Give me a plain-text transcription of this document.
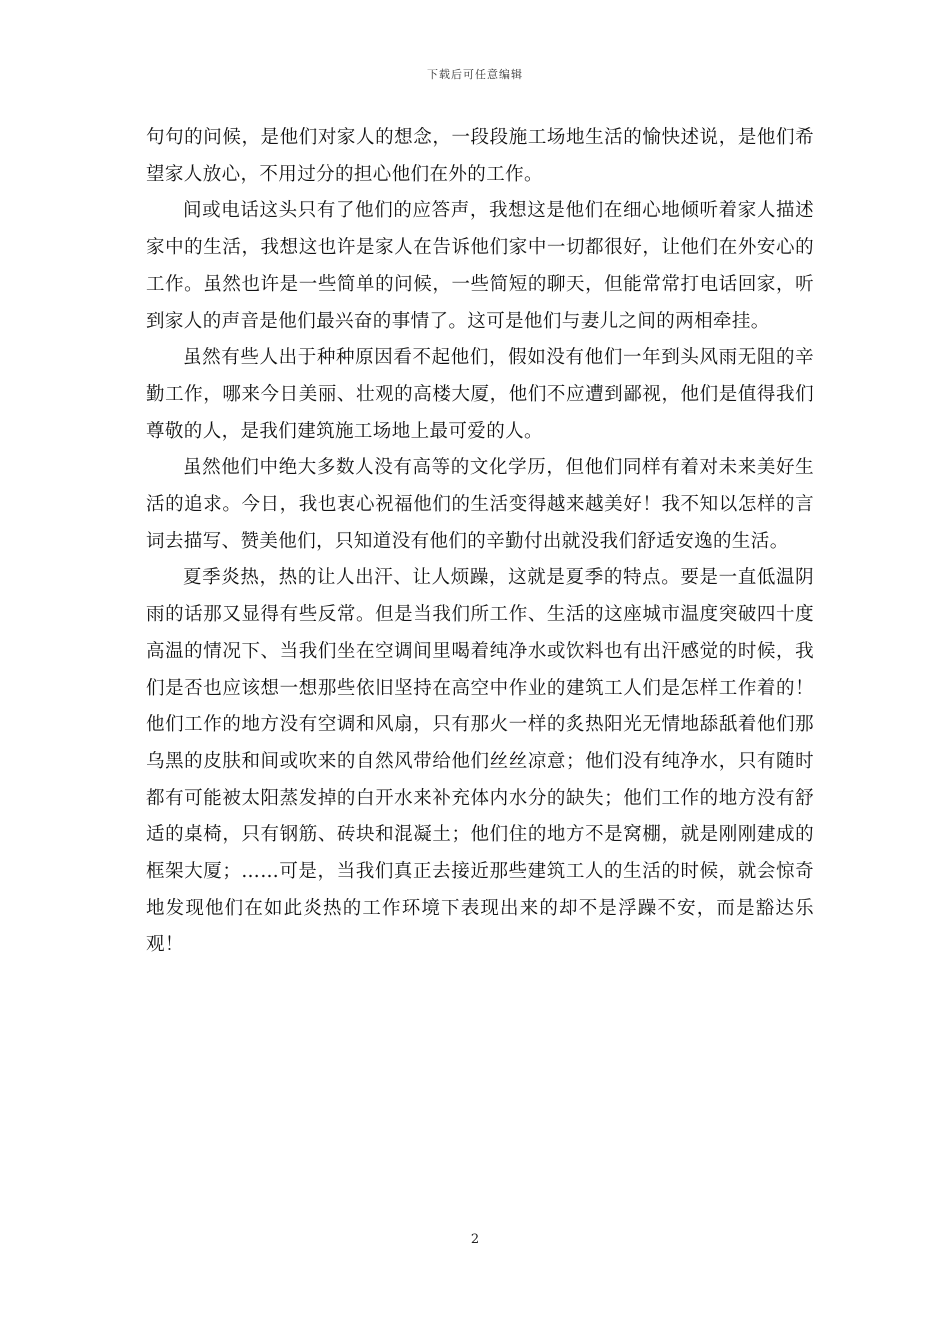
下载后可任意编辑

句句的问候，是他们对家人的想念，一段段施工场地生活的愉快述说，是他们希望家人放心，不用过分的担心他们在外的工作。

间或电话这头只有了他们的应答声，我想这是他们在细心地倾听着家人描述家中的生活，我想这也许是家人在告诉他们家中一切都很好，让他们在外安心的工作。虽然也许是一些简单的问候，一些简短的聊天，但能常常打电话回家，听到家人的声音是他们最兴奋的事情了。这可是他们与妻儿之间的两相牵挂。

虽然有些人出于种种原因看不起他们，假如没有他们一年到头风雨无阻的辛勤工作，哪来今日美丽、壮观的高楼大厦，他们不应遭到鄙视，他们是值得我们尊敬的人，是我们建筑施工场地上最可爱的人。

虽然他们中绝大多数人没有高等的文化学历，但他们同样有着对未来美好生活的追求。今日，我也衷心祝福他们的生活变得越来越美好！我不知以怎样的言词去描写、赞美他们，只知道没有他们的辛勤付出就没我们舒适安逸的生活。

夏季炎热，热的让人出汗、让人烦躁，这就是夏季的特点。要是一直低温阴雨的话那又显得有些反常。但是当我们所工作、生活的这座城市温度突破四十度高温的情况下、当我们坐在空调间里喝着纯净水或饮料也有出汗感觉的时候，我们是否也应该想一想那些依旧坚持在高空中作业的建筑工人们是怎样工作着的！他们工作的地方没有空调和风扇，只有那火一样的炙热阳光无情地舔舐着他们那乌黑的皮肤和间或吹来的自然风带给他们丝丝凉意；他们没有纯净水，只有随时都有可能被太阳蒸发掉的白开水来补充体内水分的缺失；他们工作的地方没有舒适的桌椅，只有钢筋、砖块和混凝土；他们住的地方不是窝棚，就是刚刚建成的框架大厦；……可是，当我们真正去接近那些建筑工人的生活的时候，就会惊奇地发现他们在如此炎热的工作环境下表现出来的却不是浮躁不安，而是豁达乐观！

2
